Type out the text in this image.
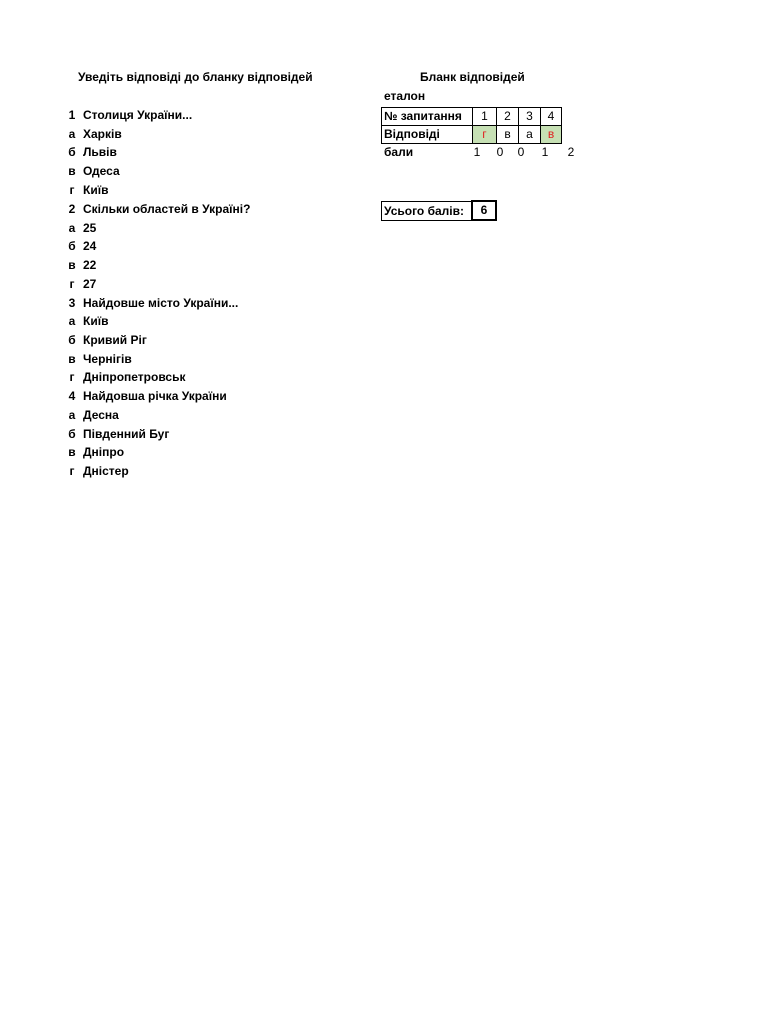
Уведіть відповіді до бланку відповідей
1 Столиця України...
а Харків
б Львів
в Одеса
г Київ
2 Скільки областей в Україні?
а 25
б 24
в 22
г 27
3 Найдовше місто України...
а Київ
б Кривий Ріг
в Чернігів
г Дніпропетровськ
4 Найдовша річка України
а Десна
б Південний Буг
в Дніпро
г Дністер
Бланк відповідей
еталон
№ запитання	1	2	3	4
Відповіді	г	в	а	в
бали	1	0	0	1	2
Усього балів:	6
